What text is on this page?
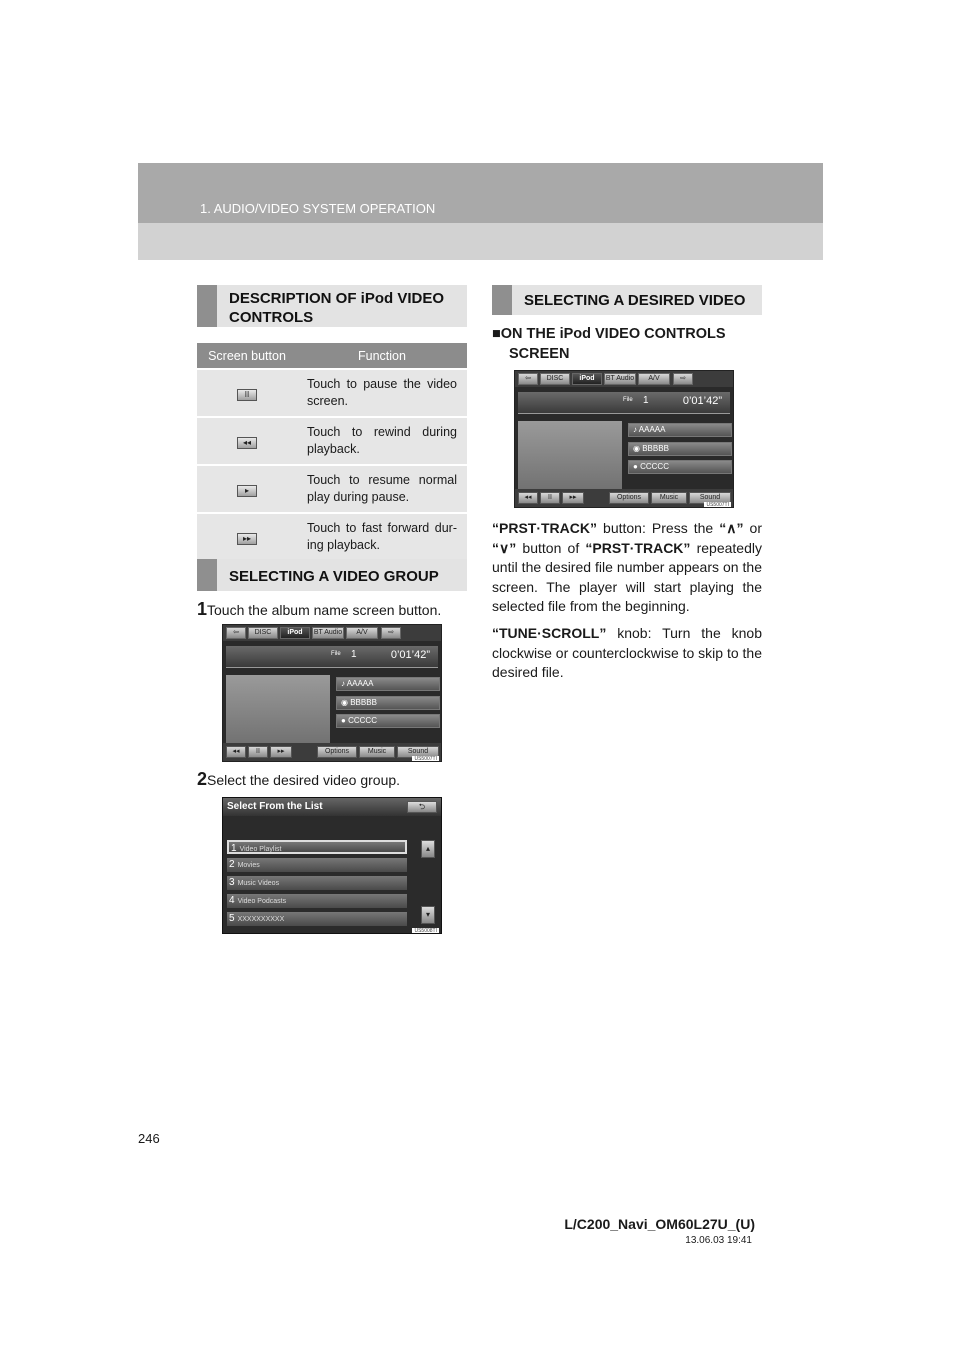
1. AUDIO/VIDEO SYSTEM OPERATION
DESCRIPTION OF iPod VIDEO
CONTROLS
Screen button	Function
II	Touch to pause the video screen.
◂◂	Touch to rewind during playback.
▸	Touch to resume normal play during pause.
▸▸	Touch to fast forward dur-ing playback.
SELECTING A VIDEO GROUP
1Touch the album name screen button.
⇦	DISC	iPod	BT Audio	A/V	⇨
File 1	0’01’42”
♪ AAAAA
◉ BBBBB
● CCCCC
◂◂	II	▸▸	Options	Music	Sound
US5007TI
2Select the desired video group.
Select From the List	⮌
1 Video Playlist
2 Movies
3 Music Videos
4 Video Podcasts
5 XXXXXXXXXX
▴
▾
US5008TI
SELECTING A DESIRED VIDEO
■ON THE iPod VIDEO CONTROLS
SCREEN
⇦	DISC	iPod	BT Audio	A/V	⇨
File 1	0’01’42”
♪ AAAAA
◉ BBBBB
● CCCCC
◂◂	II	▸▸	Options	Music	Sound
US5007TI
“PRST·TRACK” button: Press the “∧” or “∨” button of “PRST·TRACK” repeatedly until the desired file number appears on the screen. The player will start playing the selected file from the beginning.
“TUNE·SCROLL” knob: Turn the knob clockwise or counterclockwise to skip to the desired file.
246
L/C200_Navi_OM60L27U_(U)
13.06.03 19:41
